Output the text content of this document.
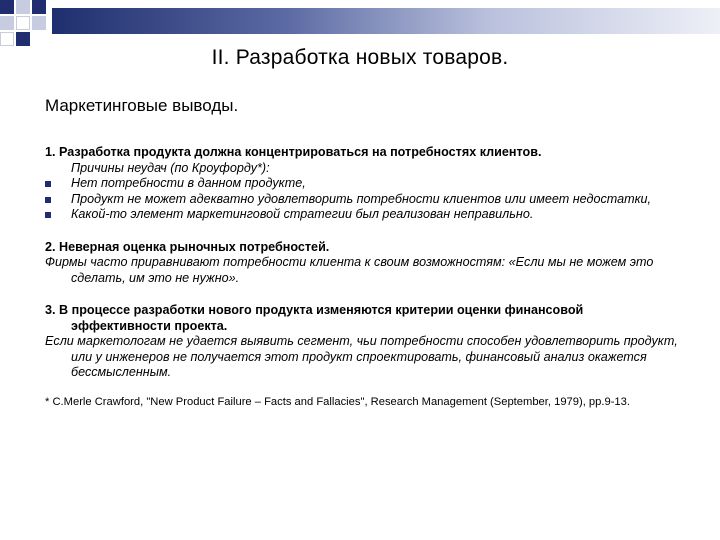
II. Разработка новых товаров.
Маркетинговые выводы.
1. Разработка продукта должна концентрироваться на потребностях клиентов.
Причины неудач (по Кроуфорду*):
Нет потребности в данном продукте,
Продукт не может адекватно удовлетворить потребности клиентов или имеет недостатки,
Какой-то элемент маркетинговой стратегии был реализован неправильно.
2. Неверная оценка рыночных потребностей.
Фирмы часто приравнивают потребности клиента к своим возможностям: «Если мы не можем это сделать, им это не нужно».
3. В процессе разработки нового продукта изменяются критерии оценки финансовой эффективности проекта.
Если маркетологам не удается выявить сегмент, чьи потребности способен удовлетворить продукт, или у инженеров не получается этот продукт спроектировать, финансовый анализ окажется бессмысленным.
* C.Merle Crawford, "New Product Failure – Facts and Fallacies", Research Management (September, 1979), pp.9-13.
